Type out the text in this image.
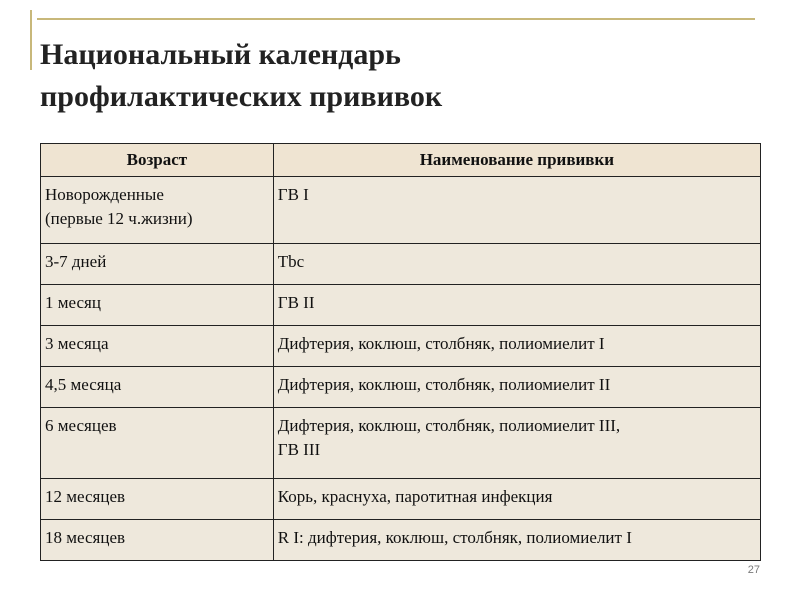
Национальный календарь
профилактических прививок
Возраст	Наименование прививки

Новорожденные
(первые 12 ч.жизни)	ГВ I
3-7 дней	Tbc
1 месяц	ГВ II
3 месяца	Дифтерия, коклюш, столбняк, полиомиелит I
4,5 месяца	Дифтерия, коклюш, столбняк, полиомиелит II
6 месяцев	Дифтерия, коклюш, столбняк, полиомиелит III,
ГВ III

12 месяцев	Корь, краснуха, паротитная инфекция
18 месяцев	R I: дифтерия, коклюш, столбняк, полиомиелит I
27
